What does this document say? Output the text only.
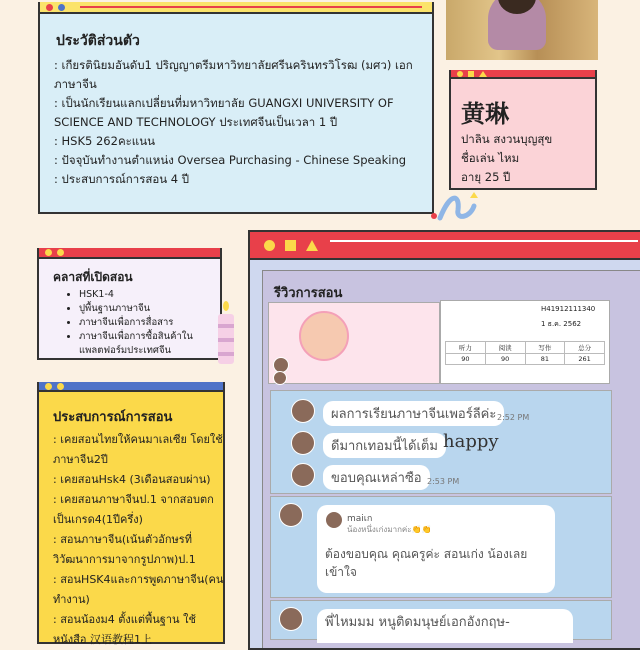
ประวัติส่วนตัว
: เกียรตินิยมอันดับ1 ปริญญาตรีมหาวิทยาลัยศรีนครินทรวิโรฒ (มศว) เอกภาษาจีน
: เป็นนักเรียนแลกเปลี่ยนที่มหาวิทยาลัย GUANGXI UNIVERSITY OF SCIENCE AND TECHNOLOGY ประเทศจีนเป็นเวลา 1 ปี
: HSK5 262คะแนน
: ปัจจุบันทำงานตำแหน่ง Oversea Purchasing - Chinese Speaking
: ประสบการณ์การสอน 4 ปี
黄琳
ปาลิน สงวนบุญสุข
ชื่อเล่น ไหม
อายุ 25 ปี
คลาสที่เปิดสอน
• HSK1-4
• ปูพื้นฐานภาษาจีน
• ภาษาจีนเพื่อการสื่อสาร
• ภาษาจีนเพื่อการซื้อสินค้าในแพลตฟอร์มประเทศจีน
ประสบการณ์การสอน
: เคยสอนไทยให้คนมาเลเซีย โดยใช้ภาษาจีน2ปี
: เคยสอนHsk4 (3เดือนสอบผ่าน)
: เคยสอนภาษาจีนป.1 จากสอบตกเป็นเกรด4(1ปีครึ่ง)
: สอนภาษาจีน(เน้นตัวอักษรที่วิวัฒนาการมาจากรูปภาพ)ป.1
: สอนHSK4และการพูดภาษาจีน(คนทำงาน)
: สอนน้องม4 ตั้งแต่พื้นฐาน ใช้หนังสือ 汉语教程1上
รีวิวการสอน
H41912111340
1 ธ.ค. 2562
听力	阅读	写作	总分
90	90	81	261
ผลการเรียนภาษาจีนเพอร์ลีค่ะ 2:52 PM
ดีมากเทอมนี้ได้เต็ม happy
ขอบคุณเหล่าซือ 2:53 PM
maiเก
น้องหนึ่งเก่งมากค่ะ👏👏
ต้องขอบคุณ คุณครูค่ะ สอนเก่ง น้องเลยเข้าใจ
พี่ไหมมม หนูติดมนุษย์เอกอังกฤษ-
